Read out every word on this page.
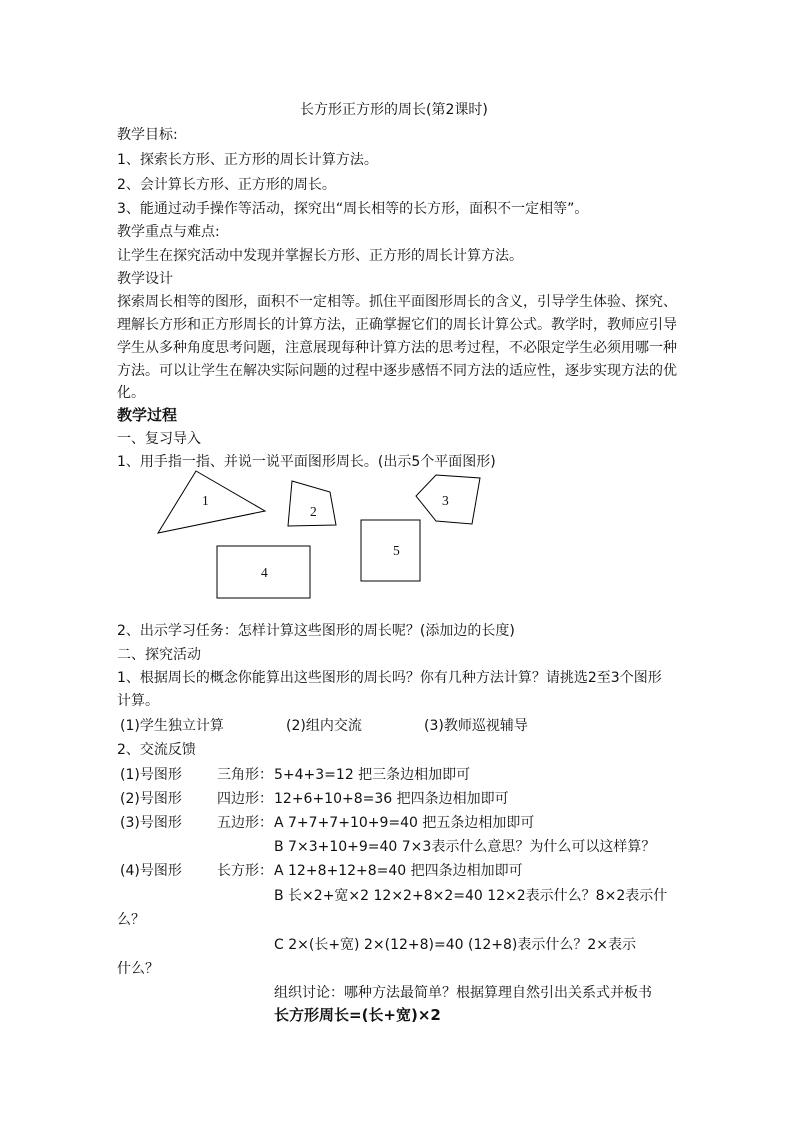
长方形正方形的周长(第2课时)
教学目标:
1、探索长方形、正方形的周长计算方法。
2、会计算长方形、正方形的周长。
3、能通过动手操作等活动，探究出“周长相等的长方形，面积不一定相等”。
教学重点与难点:
让学生在探究活动中发现并掌握长方形、正方形的周长计算方法。
教学设计
探索周长相等的图形，面积不一定相等。抓住平面图形周长的含义，引导学生体验、探究、
理解长方形和正方形周长的计算方法，正确掌握它们的周长计算公式。教学时，教师应引导
学生从多种角度思考问题，注意展现每种计算方法的思考过程，不必限定学生必须用哪一种
方法。可以让学生在解决实际问题的过程中逐步感悟不同方法的适应性，逐步实现方法的优
化。
教学过程
一、复习导入
1、用手指一指、并说一说平面图形周长。(出示5个平面图形)
1
2
3
4
5
2、出示学习任务：怎样计算这些图形的周长呢？(添加边的长度)
二、探究活动
1、根据周长的概念你能算出这些图形的周长吗？你有几种方法计算？请挑选2至3个图形
计算。
(1)学生独立计算	(2)组内交流	(3)教师巡视辅导
2、交流反馈
(1)号图形	三角形： 5+4+3=12 把三条边相加即可
(2)号图形	四边形： 12+6+10+8=36 把四条边相加即可
(3)号图形	五边形： A 7+7+7+10+9=40 把五条边相加即可
B 7×3+10+9=40 7×3表示什么意思？为什么可以这样算？
(4)号图形	长方形： A 12+8+12+8=40 把四条边相加即可
B 长×2+宽×2 12×2+8×2=40 12×2表示什么？8×2表示什
么？
C 2×(长+宽) 2×(12+8)=40 (12+8)表示什么？2×表示
什么？
组织讨论：哪种方法最简单？根据算理自然引出关系式并板书
长方形周长=(长+宽)×2
